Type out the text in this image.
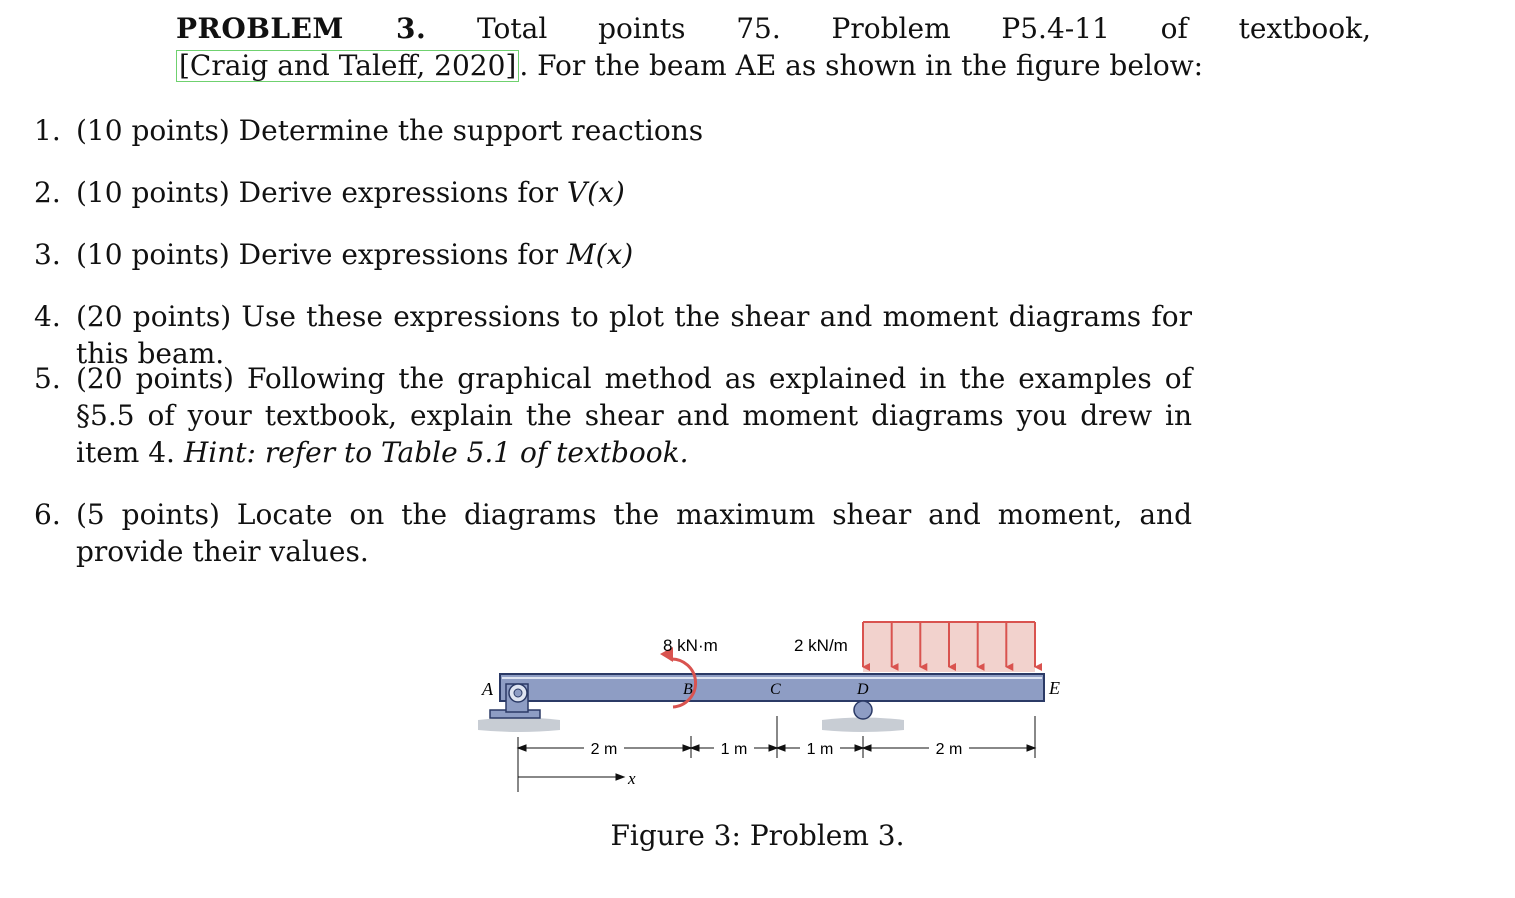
PROBLEM 3. Total points 75. Problem P5.4-11 of textbook, [Craig and Taleff, 2020] . For the beam AE as shown in the figure below:

1. (10 points) Determine the support reactions
2. (10 points) Derive expressions for V(x)
3. (10 points) Derive expressions for M(x)
4. (20 points) Use these expressions to plot the shear and moment diagrams for this beam.
5. (20 points) Following the graphical method as explained in the examples of §5.5 of your textbook, explain the shear and moment diagrams you drew in item 4. Hint: refer to Table 5.1 of textbook.
6. (5 points) Locate on the diagrams the maximum shear and moment, and provide their values.
8 kN·m	2 kN/m
A	B	C	D	E
2 m	1 m	1 m	2 m
x
Figure 3: Problem 3.
